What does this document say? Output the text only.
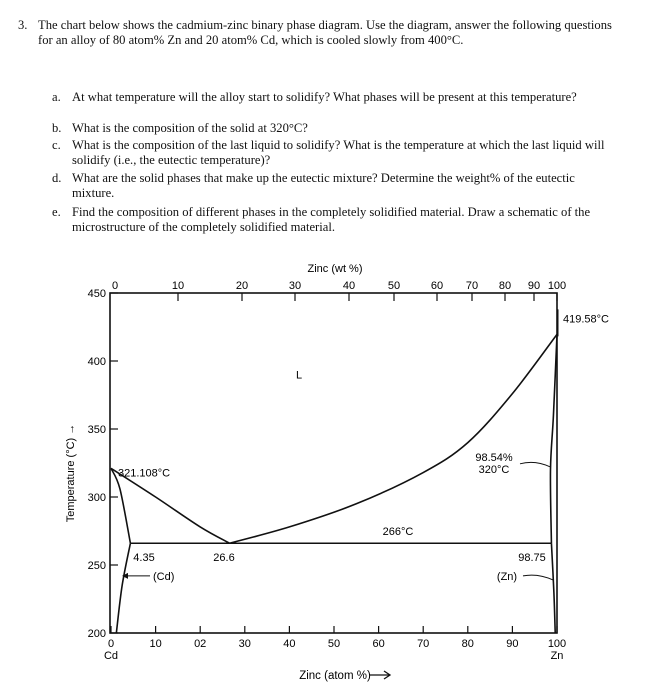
3. The chart below shows the cadmium-zinc binary phase diagram. Use the diagram, answer the following questions for an alloy of 80 atom% Zn and 20 atom% Cd, which is cooled slowly from 400°C.
a. At what temperature will the alloy start to solidify? What phases will be present at this temperature?
b. What is the composition of the solid at 320°C?
c. What is the composition of the last liquid to solidify? What is the temperature at which the last liquid will solidify (i.e., the eutectic temperature)?
d. What are the solid phases that make up the eutectic mixture? Determine the weight% of the eutectic mixture.
e. Find the composition of different phases in the completely solidified material. Draw a schematic of the microstructure of the completely solidified material.
450
400
350
300
250
200
0	10	02	30	40	50	60	70	80	90	100
Cd	Zn
Zinc (atom %)
0	10	20	30	40	50	60 70 80 90 100
Zinc (wt %)
Temperature (°C) →	321.108°C
419.58°C
26.6
266°C
4.35	98.75
98.54%
320°C
L
(Cd)	(Zn)
